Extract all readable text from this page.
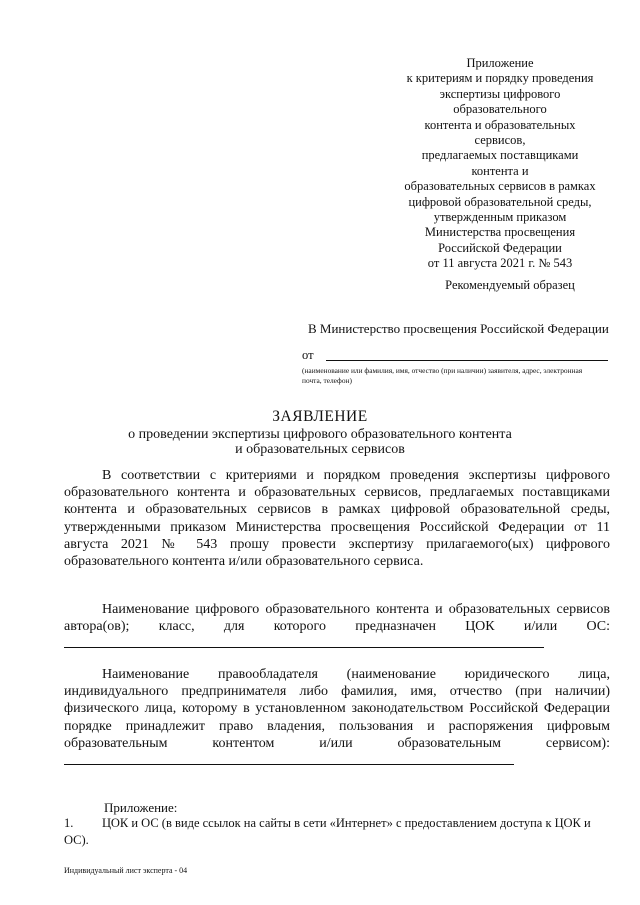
Приложение
к критериям и порядку проведения
экспертизы цифрового
образовательного
контента и образовательных
сервисов,
предлагаемых поставщиками
контента и
образовательных сервисов в рамках
цифровой образовательной среды,
утвержденным приказом
Министерства просвещения
Российской Федерации
от 11 августа 2021 г. № 543
Рекомендуемый образец
В Министерство просвещения Российской Федерации
от
(наименование или фамилия, имя, отчество (при наличии) заявителя, адрес, электронная почта, телефон)
ЗАЯВЛЕНИЕ
о проведении экспертизы цифрового образовательного контента
и образовательных сервисов

В соответствии с критериями и порядком проведения экспертизы цифрового образовательного контента и образовательных сервисов, предлагаемых поставщиками контента и образовательных сервисов в рамках цифровой образовательной среды, утвержденными приказом Министерства просвещения Российской Федерации от 11 августа 2021 № 543 прошу провести экспертизу прилагаемого(ых) цифрового образовательного контента и/или образовательного сервиса.

Наименование цифрового образовательного контента и образовательных сервисов автора(ов); класс, для которого предназначен ЦОК и/или ОС:

Наименование правообладателя (наименование юридического лица, индивидуального предпринимателя либо фамилия, имя, отчество (при наличии) физического лица, которому в установленном законодательством Российской Федерации порядке принадлежит право владения, пользования и распоряжения цифровым образовательным контентом и/или образовательным сервисом):

Приложение:
1. ЦОК и ОС (в виде ссылок на сайты в сети «Интернет» с предоставлением доступа к ЦОК и ОС).
Индивидуальный лист эксперта - 04
